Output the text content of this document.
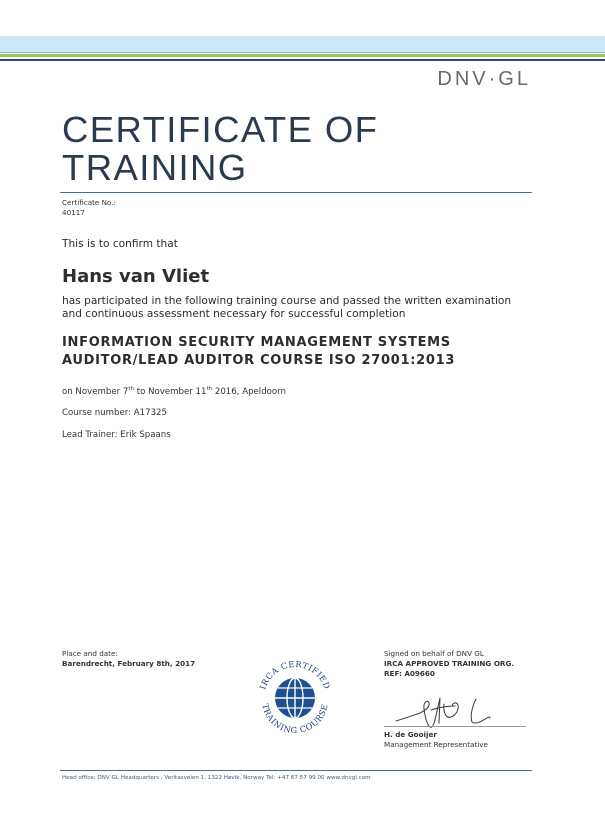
DNV·GL
CERTIFICATE OF
TRAINING
Certificate No.:
40117
This is to confirm that
Hans van Vliet
has participated in the following training course and passed the written examination
and continuous assessment necessary for successful completion
INFORMATION SECURITY MANAGEMENT SYSTEMS
AUDITOR/LEAD AUDITOR COURSE ISO 27001:2013
on November 7th to November 11th 2016, Apeldoorn
Course number: A17325
Lead Trainer: Erik Spaans
Place and date:
Barendrecht, February 8th, 2017
IRCA CERTIFIED
TRAINING COURSE
Signed on behalf of DNV GL
IRCA APPROVED TRAINING ORG.
REF: A09660
H. de Gooijer
Management Representative
Head office: DNV GL Headquarters , Veritasveien 1, 1322 Høvik, Norway Tel: +47 67 57 99 00 www.dnvgl.com
